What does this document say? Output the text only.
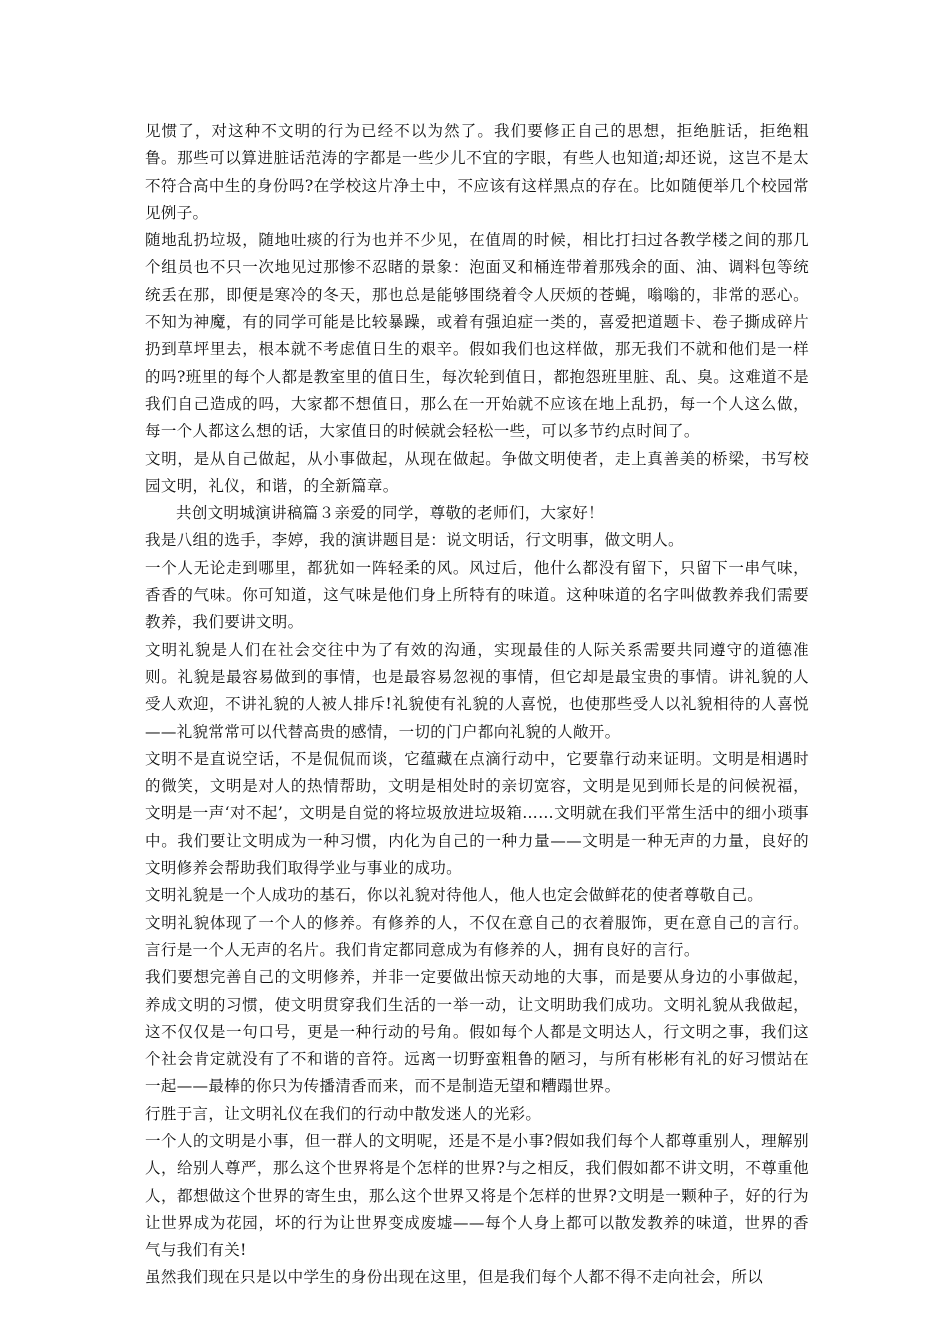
见惯了，对这种不文明的行为已经不以为然了。我们要修正自己的思想，拒绝脏话，拒绝粗鲁。那些可以算进脏话范涛的字都是一些少儿不宜的字眼，有些人也知道;却还说，这岂不是太不符合高中生的身份吗?在学校这片净土中，不应该有这样黑点的存在。比如随便举几个校园常见例子。

随地乱扔垃圾，随地吐痰的行为也并不少见，在值周的时候，相比打扫过各教学楼之间的那几个组员也不只一次地见过那惨不忍睹的景象：泡面叉和桶连带着那残余的面、油、调料包等统统丢在那，即便是寒冷的冬天，那也总是能够围绕着令人厌烦的苍蝇，嗡嗡的，非常的恶心。不知为神魔，有的同学可能是比较暴躁，或着有强迫症一类的，喜爱把道题卡、卷子撕成碎片扔到草坪里去，根本就不考虑值日生的艰辛。假如我们也这样做，那无我们不就和他们是一样的吗?班里的每个人都是教室里的值日生，每次轮到值日，都抱怨班里脏、乱、臭。这难道不是我们自己造成的吗，大家都不想值日，那么在一开始就不应该在地上乱扔，每一个人这么做，每一个人都这么想的话，大家值日的时候就会轻松一些，可以多节约点时间了。

文明，是从自己做起，从小事做起，从现在做起。争做文明使者，走上真善美的桥梁，书写校园文明，礼仪，和谐，的全新篇章。

共创文明城演讲稿篇３亲爱的同学，尊敬的老师们，大家好！

我是八组的选手，李婷，我的演讲题目是：说文明话，行文明事，做文明人。

一个人无论走到哪里，都犹如一阵轻柔的风。风过后，他什么都没有留下，只留下一串气味，香香的气味。你可知道，这气味是他们身上所特有的味道。这种味道的名字叫做教养我们需要教养，我们要讲文明。

文明礼貌是人们在社会交往中为了有效的沟通，实现最佳的人际关系需要共同遵守的道德准则。礼貌是最容易做到的事情，也是最容易忽视的事情，但它却是最宝贵的事情。讲礼貌的人受人欢迎，不讲礼貌的人被人排斥!礼貌使有礼貌的人喜悦，也使那些受人以礼貌相待的人喜悦——礼貌常常可以代替高贵的感情，一切的门户都向礼貌的人敞开。

文明不是直说空话，不是侃侃而谈，它蕴藏在点滴行动中，它要靠行动来证明。文明是相遇时的微笑，文明是对人的热情帮助，文明是相处时的亲切宽容，文明是见到师长是的问候祝福，文明是一声‘对不起’，文明是自觉的将垃圾放进垃圾箱……文明就在我们平常生活中的细小琐事中。我们要让文明成为一种习惯，内化为自己的一种力量——文明是一种无声的力量，良好的文明修养会帮助我们取得学业与事业的成功。

文明礼貌是一个人成功的基石，你以礼貌对待他人，他人也定会做鲜花的使者尊敬自己。

文明礼貌体现了一个人的修养。有修养的人，不仅在意自己的衣着服饰，更在意自己的言行。言行是一个人无声的名片。我们肯定都同意成为有修养的人，拥有良好的言行。

我们要想完善自己的文明修养，并非一定要做出惊天动地的大事，而是要从身边的小事做起，养成文明的习惯，使文明贯穿我们生活的一举一动，让文明助我们成功。文明礼貌从我做起，这不仅仅是一句口号，更是一种行动的号角。假如每个人都是文明达人，行文明之事，我们这个社会肯定就没有了不和谐的音符。远离一切野蛮粗鲁的陋习，与所有彬彬有礼的好习惯站在一起——最棒的你只为传播清香而来，而不是制造无望和糟蹋世界。

行胜于言，让文明礼仪在我们的行动中散发迷人的光彩。

一个人的文明是小事，但一群人的文明呢，还是不是小事?假如我们每个人都尊重别人，理解别人，给别人尊严，那么这个世界将是个怎样的世界?与之相反，我们假如都不讲文明，不尊重他人，都想做这个世界的寄生虫，那么这个世界又将是个怎样的世界?文明是一颗种子，好的行为让世界成为花园，坏的行为让世界变成废墟——每个人身上都可以散发教养的味道，世界的香气与我们有关!

虽然我们现在只是以中学生的身份出现在这里，但是我们每个人都不得不走向社会，所以
